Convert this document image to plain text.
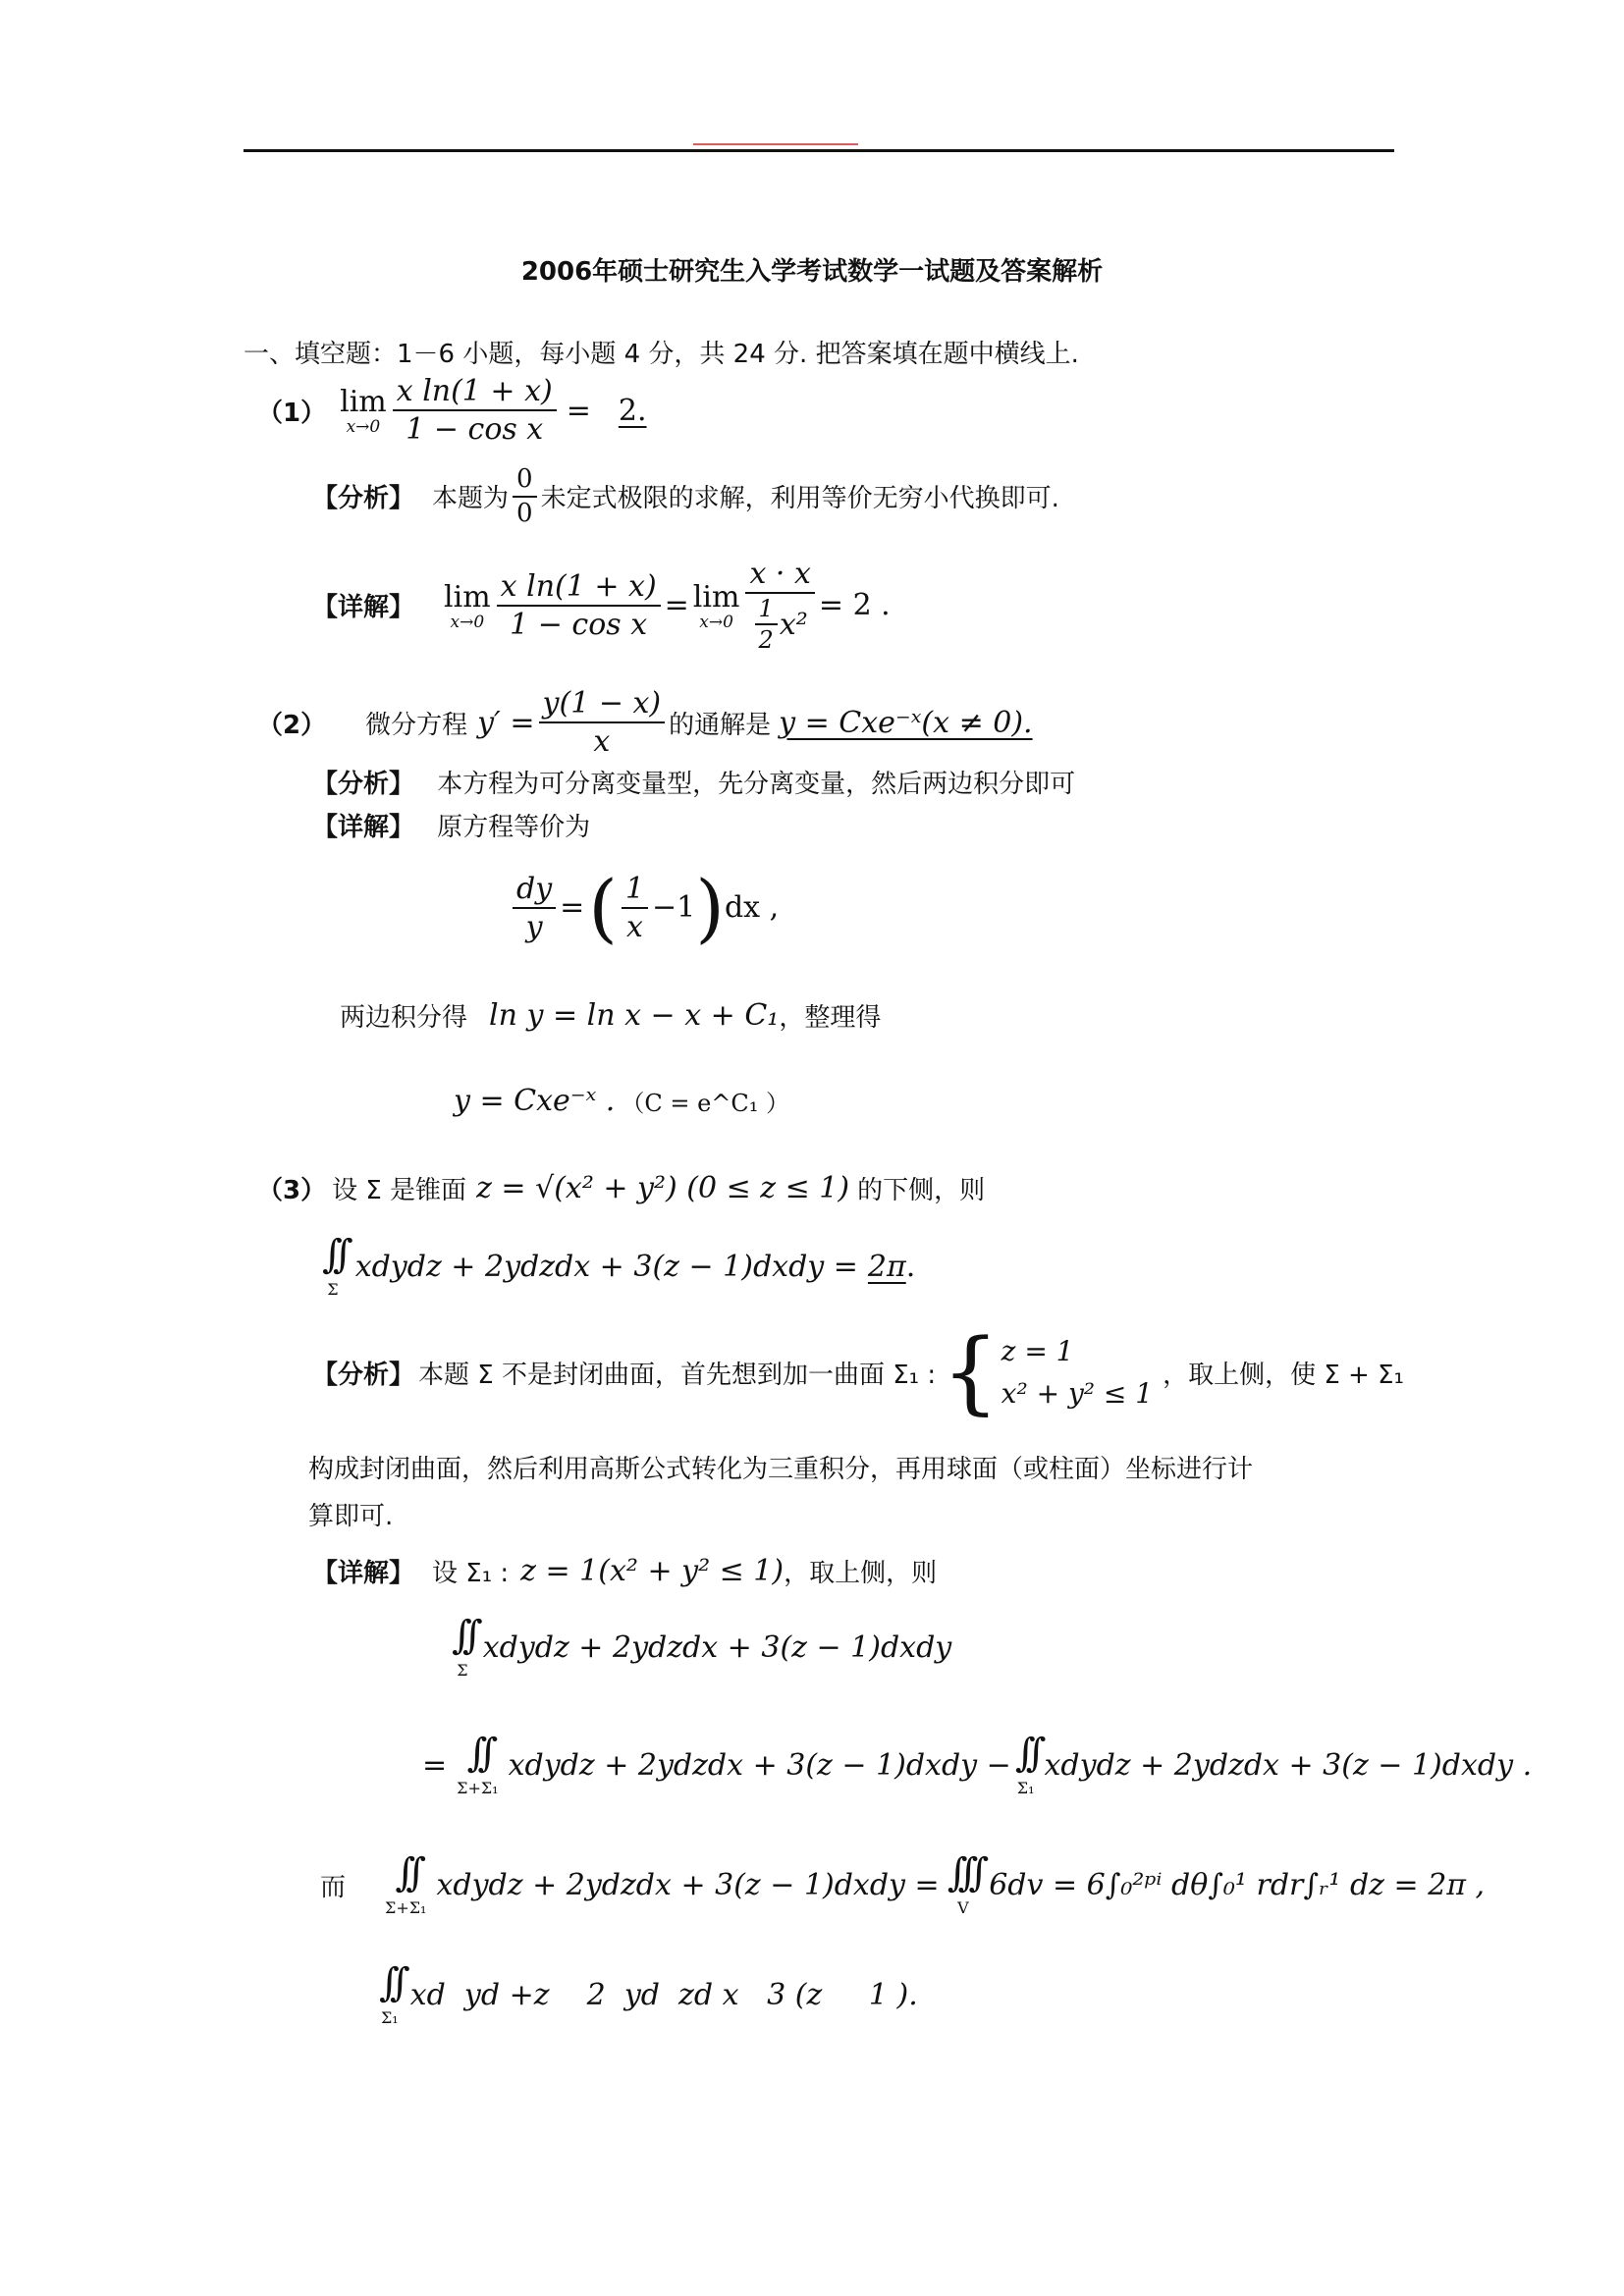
2006年硕士研究生入学考试数学一试题及答案解析
一、填空题：1－6 小题，每小题 4 分，共 24 分. 把答案填在题中横线上.
（1） lim
$x\to 0 \frac{\text{x ln(1 + x)}}{\text{1 − cos x}} = 2$.
【分析】 本题为 $\frac{0}{0}$ 未定式极限的求解，利用等价无穷小代换即可.
【详解】 lim
$x\to 0 \frac{\text{x ln(1 + x)}}{\text{1 − cos x}} = \lim$
$x\to 0 \frac{x \cdot x}{\frac{1}{2} x^2} = 2$ .
（2） 微分方程 $y' = \frac{y(1 - x)}{x}$ 的通解是 y = Cxe⁻ˣ(x ≠ 0).
【分析】 本方程为可分离变量型，先分离变量，然后两边积分即可
【详解】 原方程等价为
$\frac{dy}{y}$ = ( $\frac{1}{x} -1$ ) dx ,
两边积分得 ln y = ln x − x + C₁ ，整理得
y = Cxe⁻ˣ . （C = e^C₁ ）
（3） 设 Σ 是锥面 z = √(x² + y²) (0 ≤ z ≤ 1) 的下侧，则
∫∫
Σ
xdydz + 2ydzdx + 3(z − 1)dxdy = 2π .
【分析】 本题 Σ 不是封闭曲面，首先想到加一曲面 Σ₁ : { z = 1
x² + y² ≤ 1
，取上侧，使 Σ + Σ₁
构成封闭曲面，然后利用高斯公式转化为三重积分，再用球面（或柱面）坐标进行计
算即可.
【详解】 设 Σ₁ : z = 1(x² + y² ≤ 1) ，取上侧，则
∫∫
Σ
xdydz + 2ydzdx + 3(z − 1)dxdy
= ∫∫
Σ+Σ₁
xdydz + 2ydzdx + 3(z − 1)dxdy − ∫∫
Σ₁
xdydz + 2ydzdx + 3(z − 1)dxdy .
而 ∫∫
Σ+Σ₁
xdydz + 2ydzdx + 3(z − 1)dxdy = ∫∫∫
V
6dv = 6∫₀²ᵖⁱ dθ∫₀¹ rdr∫ᵣ¹ dz = 2π ,
∫∫
Σ₁
xd  yd +z    2  yd  zd x   3 (z     1 ).
